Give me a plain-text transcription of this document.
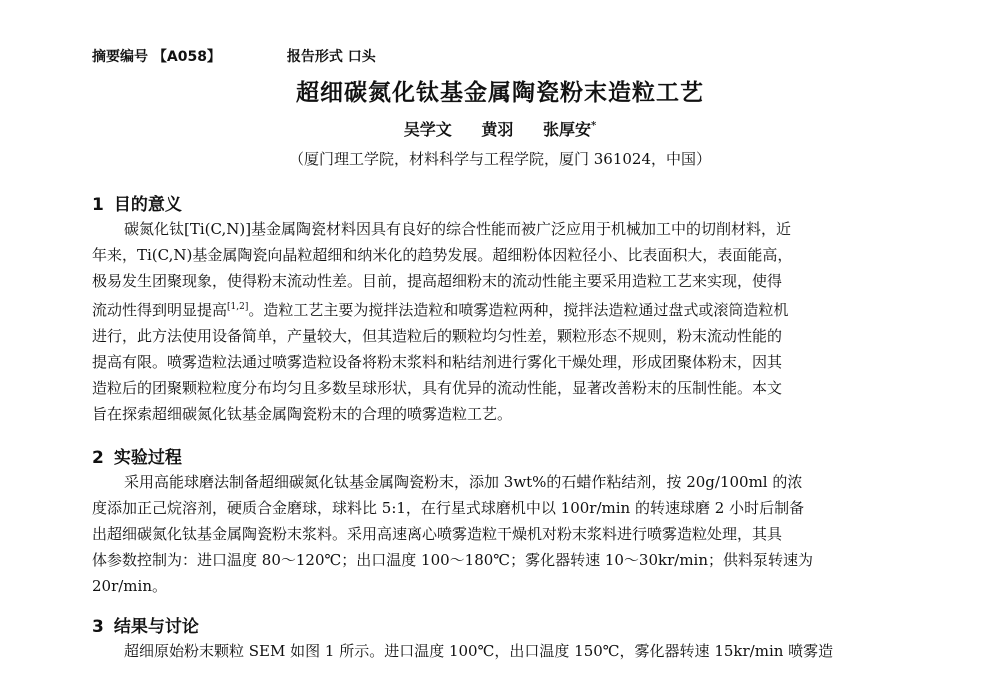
摘要编号 【A058】	报告形式 口头
超细碳氮化钛基金属陶瓷粉末造粒工艺
吴学文 黄羽 张厚安*
（厦门理工学院，材料科学与工程学院，厦门 361024，中国）
1 目的意义
碳氮化钛[Ti(C,N)]基金属陶瓷材料因具有良好的综合性能而被广泛应用于机械加工中的切削材料，近
年来，Ti(C,N)基金属陶瓷向晶粒超细和纳米化的趋势发展。超细粉体因粒径小、比表面积大，表面能高，
极易发生团聚现象，使得粉末流动性差。目前，提高超细粉末的流动性能主要采用造粒工艺来实现，使得
流动性得到明显提高[1,2]。造粒工艺主要为搅拌法造粒和喷雾造粒两种，搅拌法造粒通过盘式或滚筒造粒机
进行，此方法使用设备简单，产量较大，但其造粒后的颗粒均匀性差，颗粒形态不规则，粉末流动性能的
提高有限。喷雾造粒法通过喷雾造粒设备将粉末浆料和粘结剂进行雾化干燥处理，形成团聚体粉末，因其
造粒后的团聚颗粒粒度分布均匀且多数呈球形状，具有优异的流动性能，显著改善粉末的压制性能。本文
旨在探索超细碳氮化钛基金属陶瓷粉末的合理的喷雾造粒工艺。
2 实验过程
采用高能球磨法制备超细碳氮化钛基金属陶瓷粉末，添加 3wt%的石蜡作粘结剂，按 20g/100ml 的浓
度添加正己烷溶剂，硬质合金磨球，球料比 5:1，在行星式球磨机中以 100r/min 的转速球磨 2 小时后制备
出超细碳氮化钛基金属陶瓷粉末浆料。采用高速离心喷雾造粒干燥机对粉末浆料进行喷雾造粒处理，其具
体参数控制为：进口温度 80～120℃；出口温度 100～180℃；雾化器转速 10～30kr/min；供料泵转速为
20r/min。
3 结果与讨论
超细原始粉末颗粒 SEM 如图 1 所示。进口温度 100℃，出口温度 150℃，雾化器转速 15kr/min 喷雾造
